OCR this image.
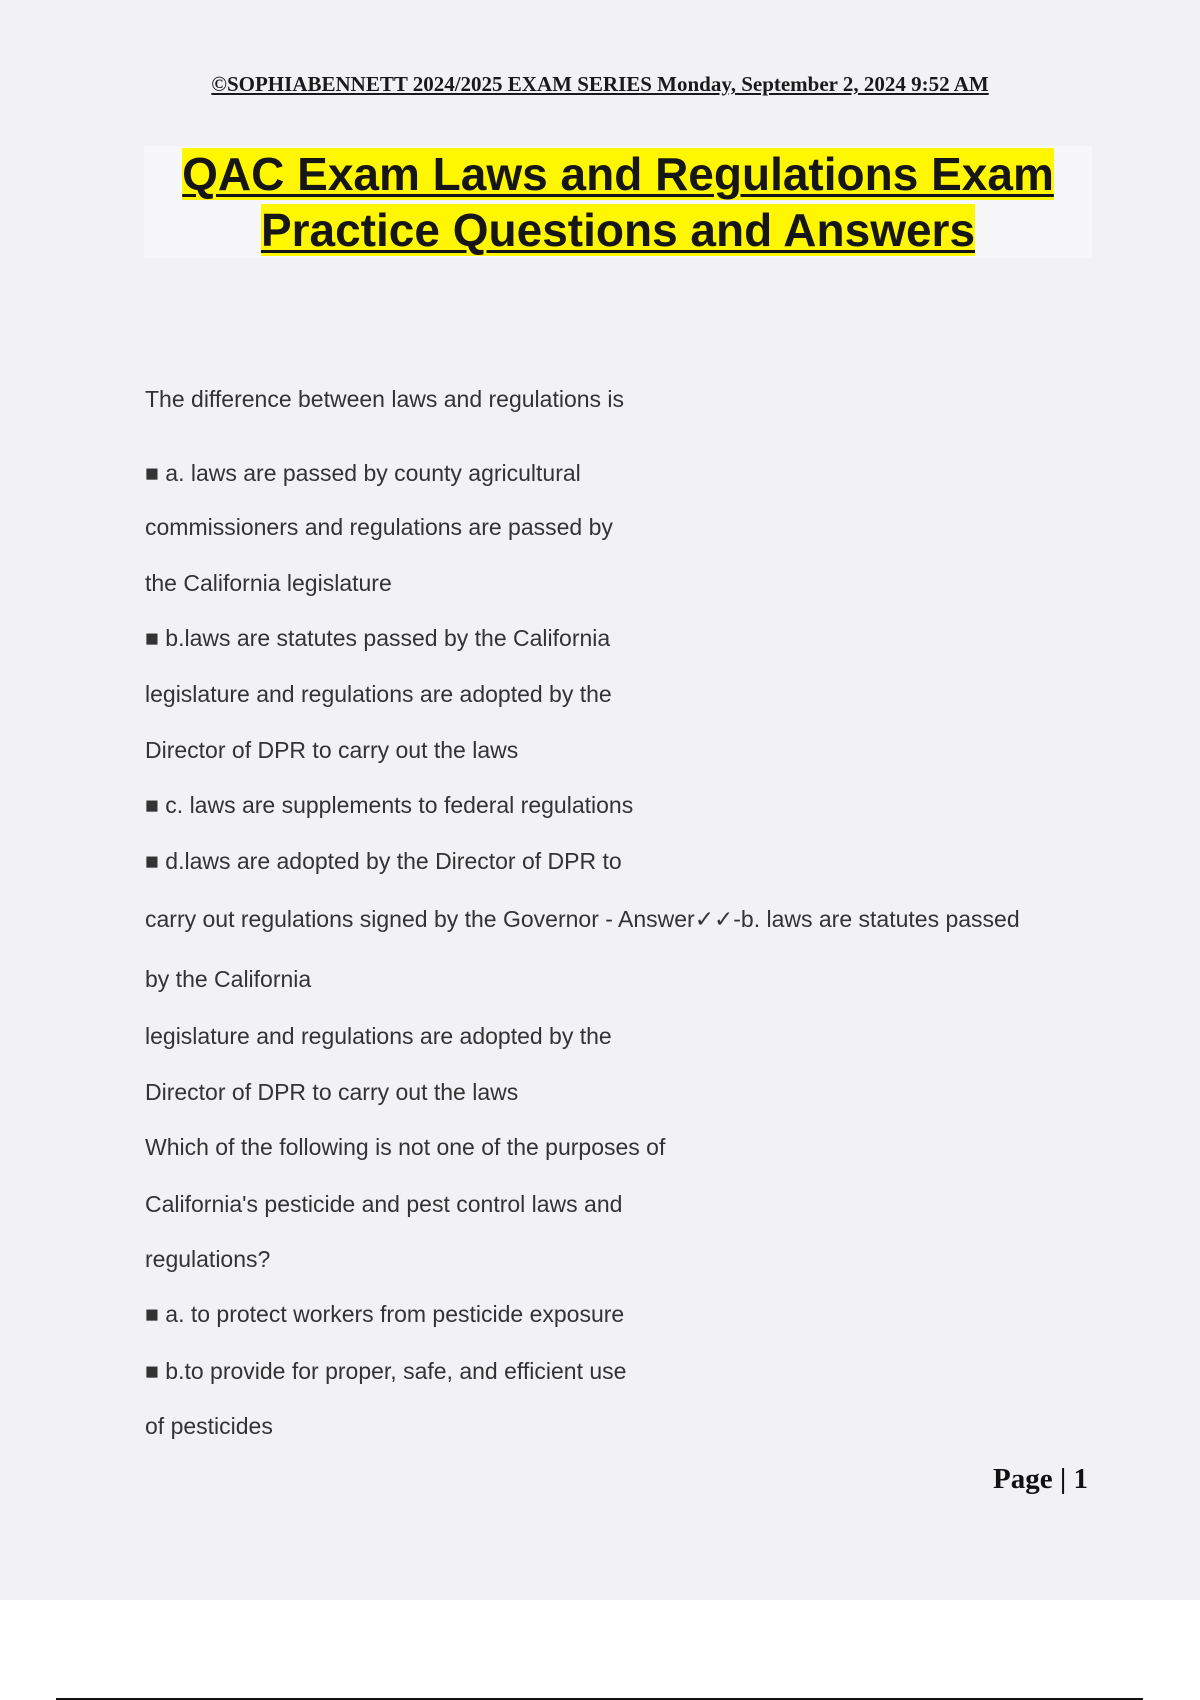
©SOPHIABENNETT 2024/2025 EXAM SERIES Monday, September 2, 2024 9:52 AM
QAC Exam Laws and Regulations Exam
Practice Questions and Answers
The difference between laws and regulations is
■ a. laws are passed by county agricultural
commissioners and regulations are passed by
the California legislature
■ b.laws are statutes passed by the California
legislature and regulations are adopted by the
Director of DPR to carry out the laws
■ c. laws are supplements to federal regulations
■ d.laws are adopted by the Director of DPR to
carry out regulations signed by the Governor - Answer✓✓-b. laws are statutes passed
by the California
legislature and regulations are adopted by the
Director of DPR to carry out the laws
Which of the following is not one of the purposes of
California's pesticide and pest control laws and
regulations?
■ a. to protect workers from pesticide exposure
■ b.to provide for proper, safe, and efficient use
of pesticides
Page | 1
